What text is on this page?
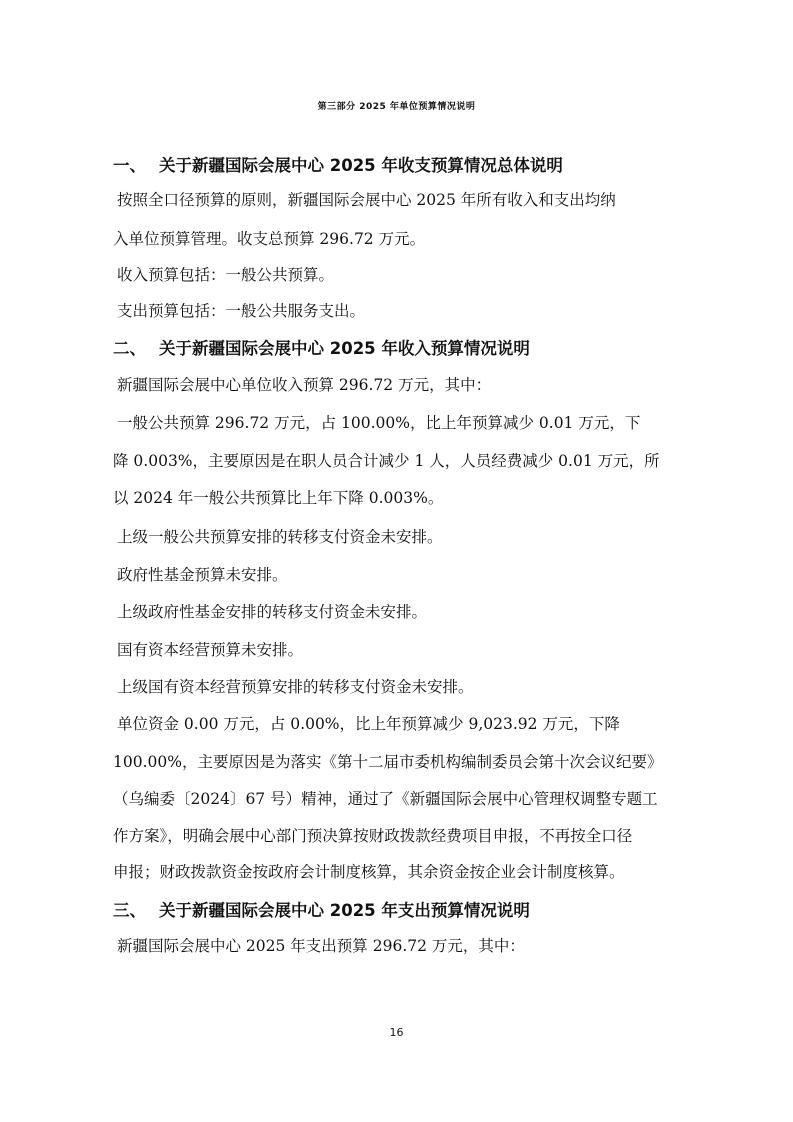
第三部分 2025 年单位预算情况说明
一、 关于新疆国际会展中心 2025 年收支预算情况总体说明
按照全口径预算的原则，新疆国际会展中心 2025 年所有收入和支出均纳
入单位预算管理。收支总预算 296.72 万元。
收入预算包括：一般公共预算。
支出预算包括：一般公共服务支出。
二、 关于新疆国际会展中心 2025 年收入预算情况说明
新疆国际会展中心单位收入预算 296.72 万元，其中：
一般公共预算 296.72 万元，占 100.00%，比上年预算减少 0.01 万元，下
降 0.003%，主要原因是在职人员合计减少 1 人，人员经费减少 0.01 万元，所
以 2024 年一般公共预算比上年下降 0.003%。
上级一般公共预算安排的转移支付资金未安排。
政府性基金预算未安排。
上级政府性基金安排的转移支付资金未安排。
国有资本经营预算未安排。
上级国有资本经营预算安排的转移支付资金未安排。
单位资金 0.00 万元，占 0.00%，比上年预算减少 9,023.92 万元，下降
100.00%，主要原因是为落实《第十二届市委机构编制委员会第十次会议纪要》
（乌编委〔2024〕67 号）精神，通过了《新疆国际会展中心管理权调整专题工
作方案》，明确会展中心部门预决算按财政拨款经费项目申报，不再按全口径
申报；财政拨款资金按政府会计制度核算，其余资金按企业会计制度核算。
三、 关于新疆国际会展中心 2025 年支出预算情况说明
新疆国际会展中心 2025 年支出预算 296.72 万元，其中：
16
